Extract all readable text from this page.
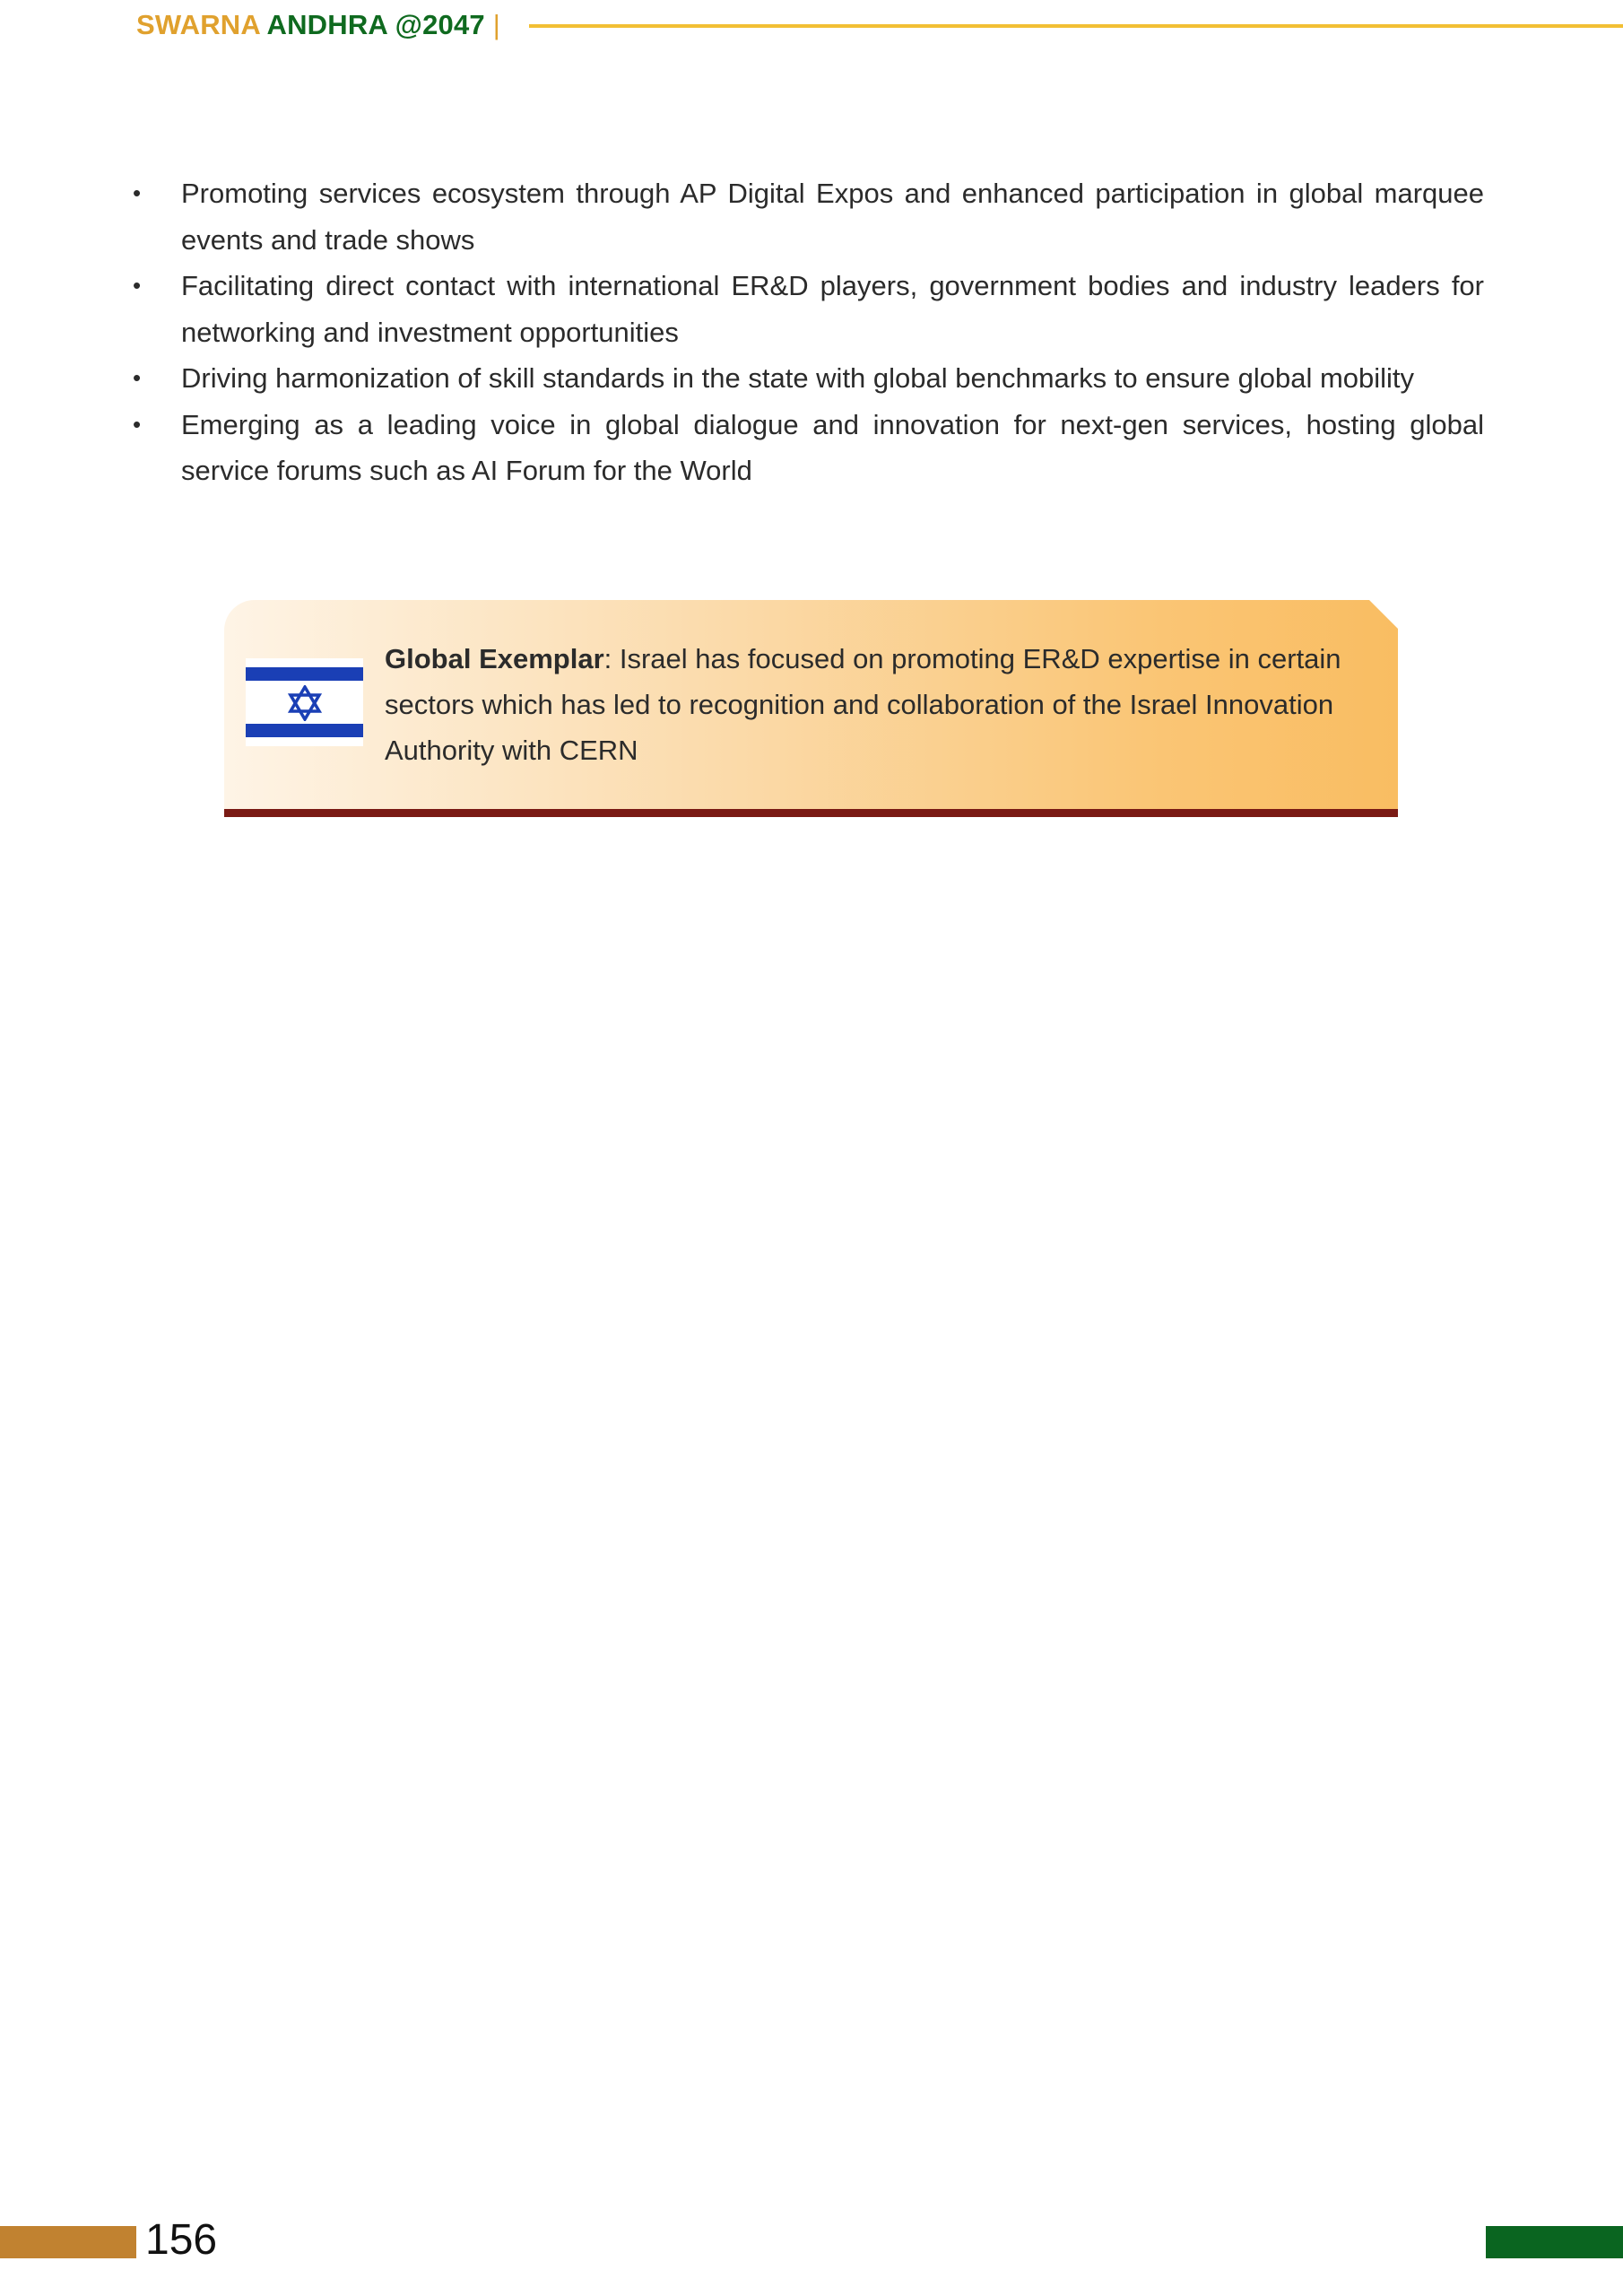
SWARNA ANDHRA @2047 |
• Promoting services ecosystem through AP Digital Expos and enhanced participation in global marquee events and trade shows
• Facilitating direct contact with international ER&D players, government bodies and industry leaders for networking and investment opportunities
• Driving harmonization of skill standards in the state with global benchmarks to ensure global mobility
• Emerging as a leading voice in global dialogue and innovation for next-gen services, hosting global service forums such as AI Forum for the World
Global Exemplar: Israel has focused on promoting ER&D expertise in certain sectors which has led to recognition and collaboration of the Israel Innovation Authority with CERN
156
